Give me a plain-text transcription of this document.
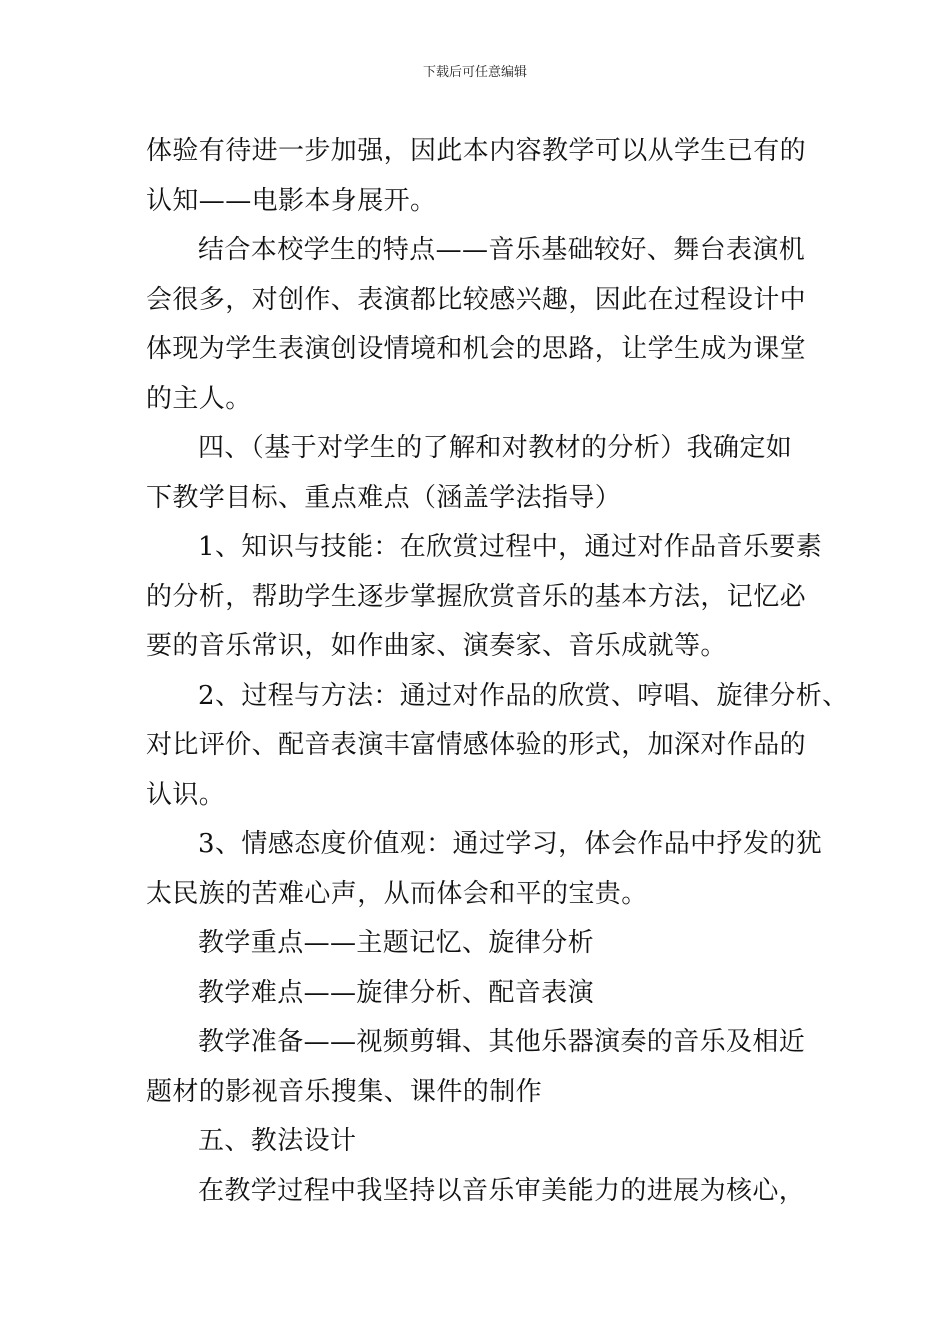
下载后可任意编辑
体验有待进一步加强，因此本内容教学可以从学生已有的
认知——电影本身展开。
结合本校学生的特点——音乐基础较好、舞台表演机
会很多，对创作、表演都比较感兴趣，因此在过程设计中
体现为学生表演创设情境和机会的思路，让学生成为课堂
的主人。
四、（基于对学生的了解和对教材的分析）我确定如
下教学目标、重点难点（涵盖学法指导）
1、知识与技能：在欣赏过程中，通过对作品音乐要素
的分析，帮助学生逐步掌握欣赏音乐的基本方法，记忆必
要的音乐常识，如作曲家、演奏家、音乐成就等。
2、过程与方法：通过对作品的欣赏、哼唱、旋律分析、
对比评价、配音表演丰富情感体验的形式，加深对作品的
认识。
3、情感态度价值观：通过学习，体会作品中抒发的犹
太民族的苦难心声，从而体会和平的宝贵。
教学重点——主题记忆、旋律分析
教学难点——旋律分析、配音表演
教学准备——视频剪辑、其他乐器演奏的音乐及相近
题材的影视音乐搜集、课件的制作
五、教法设计
在教学过程中我坚持以音乐审美能力的进展为核心，
